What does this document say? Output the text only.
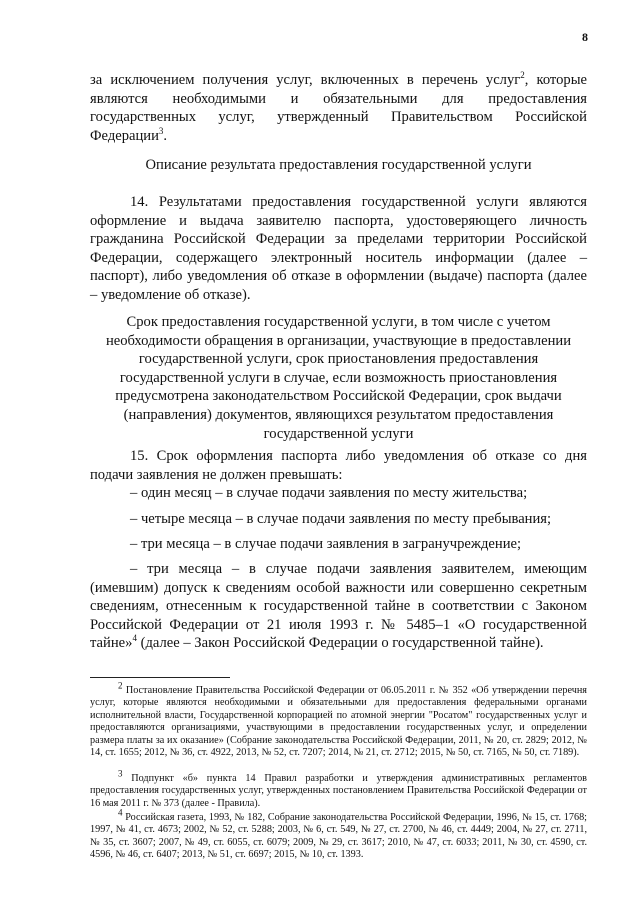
8

за исключением получения услуг, включенных в перечень услуг$^2$, которые являются необходимыми и обязательными для предоставления государственных услуг, утвержденный Правительством Российской Федерации$^3$.

Описание результата предоставления государственной услуги

14. Результатами предоставления государственной услуги являются оформление и выдача заявителю паспорта, удостоверяющего личность гражданина Российской Федерации за пределами территории Российской Федерации, содержащего электронный носитель информации (далее – паспорт), либо уведомления об отказе в оформлении (выдаче) паспорта (далее – уведомление об отказе).

Срок предоставления государственной услуги, в том числе с учетом
необходимости обращения в организации, участвующие в предоставлении
государственной услуги, срок приостановления предоставления
государственной услуги в случае, если возможность приостановления
предусмотрена законодательством Российской Федерации, срок выдачи
(направления) документов, являющихся результатом предоставления
государственной услуги

15. Срок оформления паспорта либо уведомления об отказе со дня подачи заявления не должен превышать:

– один месяц – в случае подачи заявления по месту жительства;

– четыре месяца – в случае подачи заявления по месту пребывания;

– три месяца – в случае подачи заявления в загранучреждение;

– три месяца – в случае подачи заявления заявителем, имеющим (имевшим) допуск к сведениям особой важности или совершенно секретным сведениям, отнесенным к государственной тайне в соответствии с Законом Российской Федерации от 21 июля 1993 г. № 5485–1 «О государственной тайне»$^4$ (далее – Закон Российской Федерации о государственной тайне).

$^2$ Постановление Правительства Российской Федерации от 06.05.2011 г. № 352 «Об утверждении перечня услуг, которые являются необходимыми и обязательными для предоставления федеральными органами исполнительной власти, Государственной корпорацией по атомной энергии "Росатом" государственных услуг и предоставляются организациями, участвующими в предоставлении государственных услуг, и определении размера платы за их оказание» (Собрание законодательства Российской Федерации, 2011, № 20, ст. 2829; 2012, № 14, ст. 1655; 2012, № 36, ст. 4922, 2013, № 52, ст. 7207; 2014, № 21, ст. 2712; 2015, № 50, ст. 7165, № 50, ст. 7189).

$^3$ Подпункт «б» пункта 14 Правил разработки и утверждения административных регламентов предоставления государственных услуг, утвержденных постановлением Правительства Российской Федерации от 16 мая 2011 г. № 373 (далее - Правила).

$^4$ Российская газета, 1993, № 182, Собрание законодательства Российской Федерации, 1996, № 15, ст. 1768; 1997, № 41, ст. 4673; 2002, № 52, ст. 5288; 2003, № 6, ст. 549, № 27, ст. 2700, № 46, ст. 4449; 2004, № 27, ст. 2711, № 35, ст. 3607; 2007, № 49, ст. 6055, ст. 6079; 2009, № 29, ст. 3617; 2010, № 47, ст. 6033; 2011, № 30, ст. 4590, ст. 4596, № 46, ст. 6407; 2013, № 51, ст. 6697; 2015, № 10, ст. 1393.
